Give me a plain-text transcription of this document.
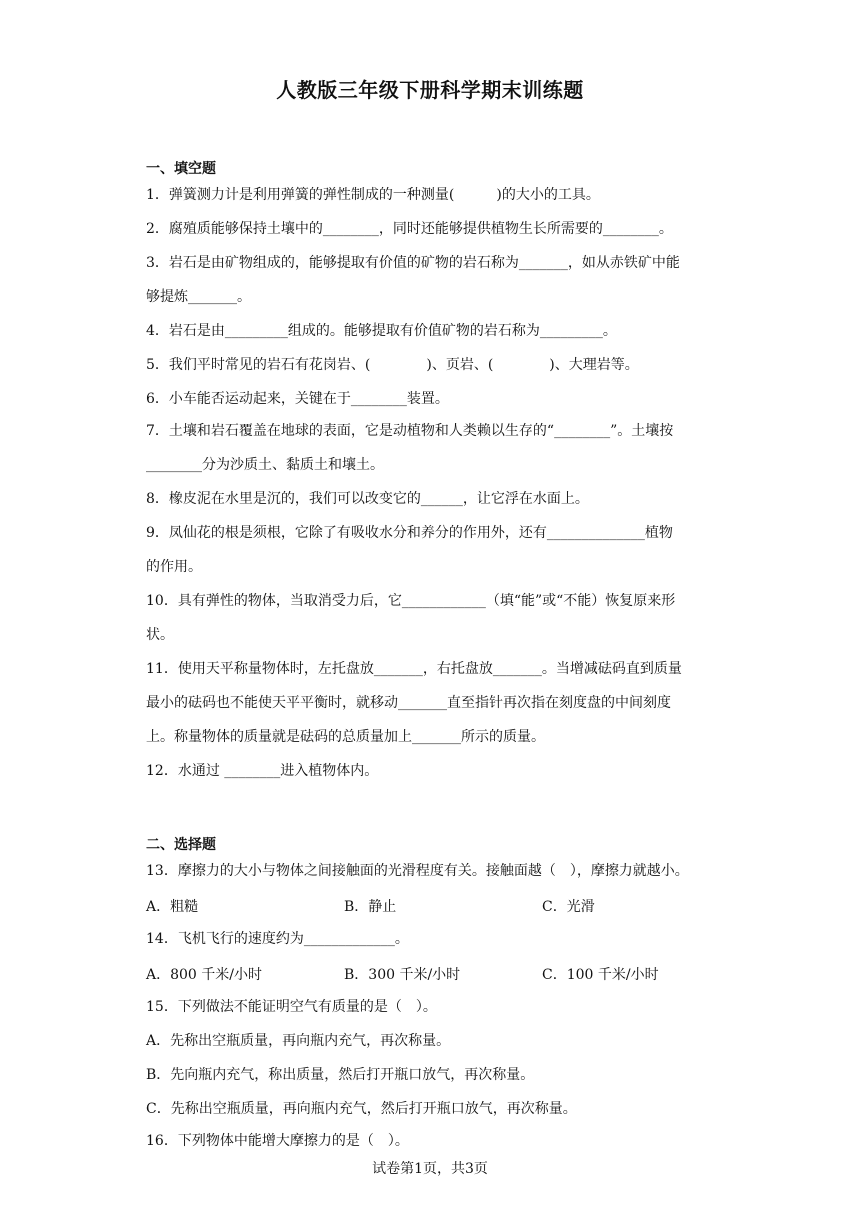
人教版三年级下册科学期末训练题
一、填空题
1．弹簧测力计是利用弹簧的弹性制成的一种测量(　　　)的大小的工具。
2．腐殖质能够保持土壤中的________，同时还能够提供植物生长所需要的________。
3．岩石是由矿物组成的，能够提取有价值的矿物的岩石称为_______，如从赤铁矿中能
够提炼_______。
4．岩石是由_________组成的。能够提取有价值矿物的岩石称为_________。
5．我们平时常见的岩石有花岗岩、(　　　　)、页岩、(　　　　)、大理岩等。
6．小车能否运动起来，关键在于________装置。
7．土壤和岩石覆盖在地球的表面，它是动植物和人类赖以生存的“________”。土壤按
________分为沙质土、黏质土和壤土。
8．橡皮泥在水里是沉的，我们可以改变它的______，让它浮在水面上。
9．凤仙花的根是须根，它除了有吸收水分和养分的作用外，还有______________植物
的作用。
10．具有弹性的物体，当取消受力后，它____________（填“能”或“不能）恢复原来形
状。
11．使用天平称量物体时，左托盘放_______，右托盘放_______。当增减砝码直到质量
最小的砝码也不能使天平平衡时，就移动_______直至指针再次指在刻度盘的中间刻度
上。称量物体的质量就是砝码的总质量加上_______所示的质量。
12．水通过 ________进入植物体内。
二、选择题
13．摩擦力的大小与物体之间接触面的光滑程度有关。接触面越（　），摩擦力就越小。
A．粗糙	B．静止	C．光滑
14．飞机飞行的速度约为_____________。
A．800 千米/小时	B．300 千米/小时	C．100 千米/小时
15．下列做法不能证明空气有质量的是（　）。
A．先称出空瓶质量，再向瓶内充气，再次称量。
B．先向瓶内充气，称出质量，然后打开瓶口放气，再次称量。
C．先称出空瓶质量，再向瓶内充气，然后打开瓶口放气，再次称量。
16．下列物体中能增大摩擦力的是（　）。
试卷第1页，共3页
